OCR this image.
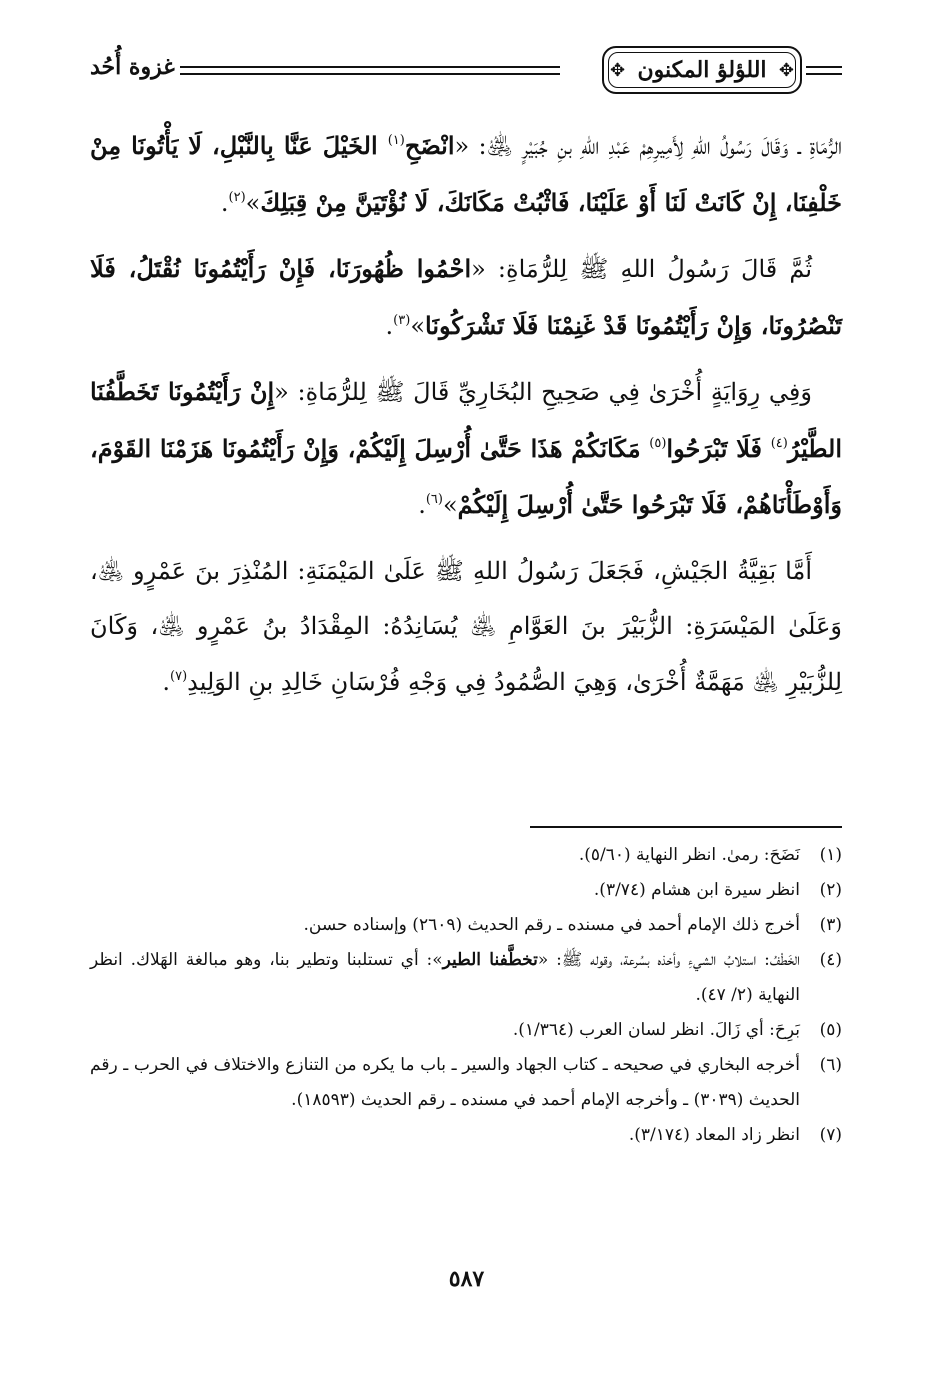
✥
اللؤلؤ المكنون
✥
غزوة أُحُد

الرُّمَاةِ ـ وَقَالَ رَسُولُ اللهِ لِأَمِيرِهِمْ عَبْدِ اللهِ بنِ جُبَيْرٍ ﵁: «انْضَحِ$^{(١)}$ الخَيْلَ عَنَّا بِالنَّبْلِ، لَا يَأْتُونَا مِنْ خَلْفِنَا، إِنْ كَانَتْ لَنَا أَوْ عَلَيْنَا، فَاثْبُتْ مَكَانَكَ، لَا نُؤْتَيَنَّ مِنْ قِبَلِكَ»$^{(٢)}$.

ثُمَّ قَالَ رَسُولُ اللهِ ﷺ لِلرُّمَاةِ: «احْمُوا ظُهُورَنَا، فَإِنْ رَأَيْتُمُونَا نُقْتَلُ، فَلَا تَنْصُرُونَا، وَإِنْ رَأَيْتُمُونَا قَدْ غَنِمْنَا فَلَا تَشْرَكُونَا»$^{(٣)}$.

وَفِي رِوَايَةٍ أُخْرَىٰ فِي صَحِيحِ البُخَارِيِّ قَالَ ﷺ لِلرُّمَاةِ: «إِنْ رَأَيْتُمُونَا تَخَطَّفُنَا الطَّيْرُ$^{(٤)}$ فَلَا تَبْرَحُوا$^{(٥)}$ مَكَانَكُمْ هَذَا حَتَّىٰ أُرْسِلَ إِلَيْكُمْ، وَإِنْ رَأَيْتُمُونَا هَزَمْنَا القَوْمَ، وَأَوْطَأْنَاهُمْ، فَلَا تَبْرَحُوا حَتَّىٰ أُرْسِلَ إِلَيْكُمْ»$^{(٦)}$.

أَمَّا بَقِيَّةُ الجَيْشِ، فَجَعَلَ رَسُولُ اللهِ ﷺ عَلَىٰ المَيْمَنَةِ: المُنْذِرَ بنَ عَمْرٍو ﵁، وَعَلَىٰ المَيْسَرَةِ: الزُّبَيْرَ بنَ العَوَّامِ ﵁ يُسَانِدُهُ: المِقْدَادُ بنُ عَمْرٍو ﵁، وَكَانَ لِلزُّبَيْرِ ﵁ مَهَمَّةٌ أُخْرَىٰ، وَهِيَ الصُّمُودُ فِي وَجْهِ فُرْسَانِ خَالِدِ بنِ الوَلِيدِ$^{(٧)}$.

(١)
نَضَحَ: رمىٰ. انظر النهاية (٥/٦٠).
(٢)
انظر سيرة ابن هشام (٣/٧٤).
(٣)
أخرج ذلك الإمام أحمد في مسنده ـ رقم الحديث (٢٦٠٩) وإسناده حسن.
(٤)
الخَطْفُ: استلابُ الشيءِ وأخذه بسُرعة، وقوله ﷺ: «تخطَّفنا الطير»: أي تستلبنا وتطير بنا، وهو مبالغة الهَلاك. انظر النهاية (٢/ ٤٧).
(٥)
بَرِحَ: أي زَالَ. انظر لسان العرب (١/٣٦٤).
(٦)
أخرجه البخاري في صحيحه ـ كتاب الجهاد والسير ـ باب ما يكره من التنازع والاختلاف في الحرب ـ رقم الحديث (٣٠٣٩) ـ وأخرجه الإمام أحمد في مسنده ـ رقم الحديث (١٨٥٩٣).
(٧)
انظر زاد المعاد (٣/١٧٤).
٥٨٧
